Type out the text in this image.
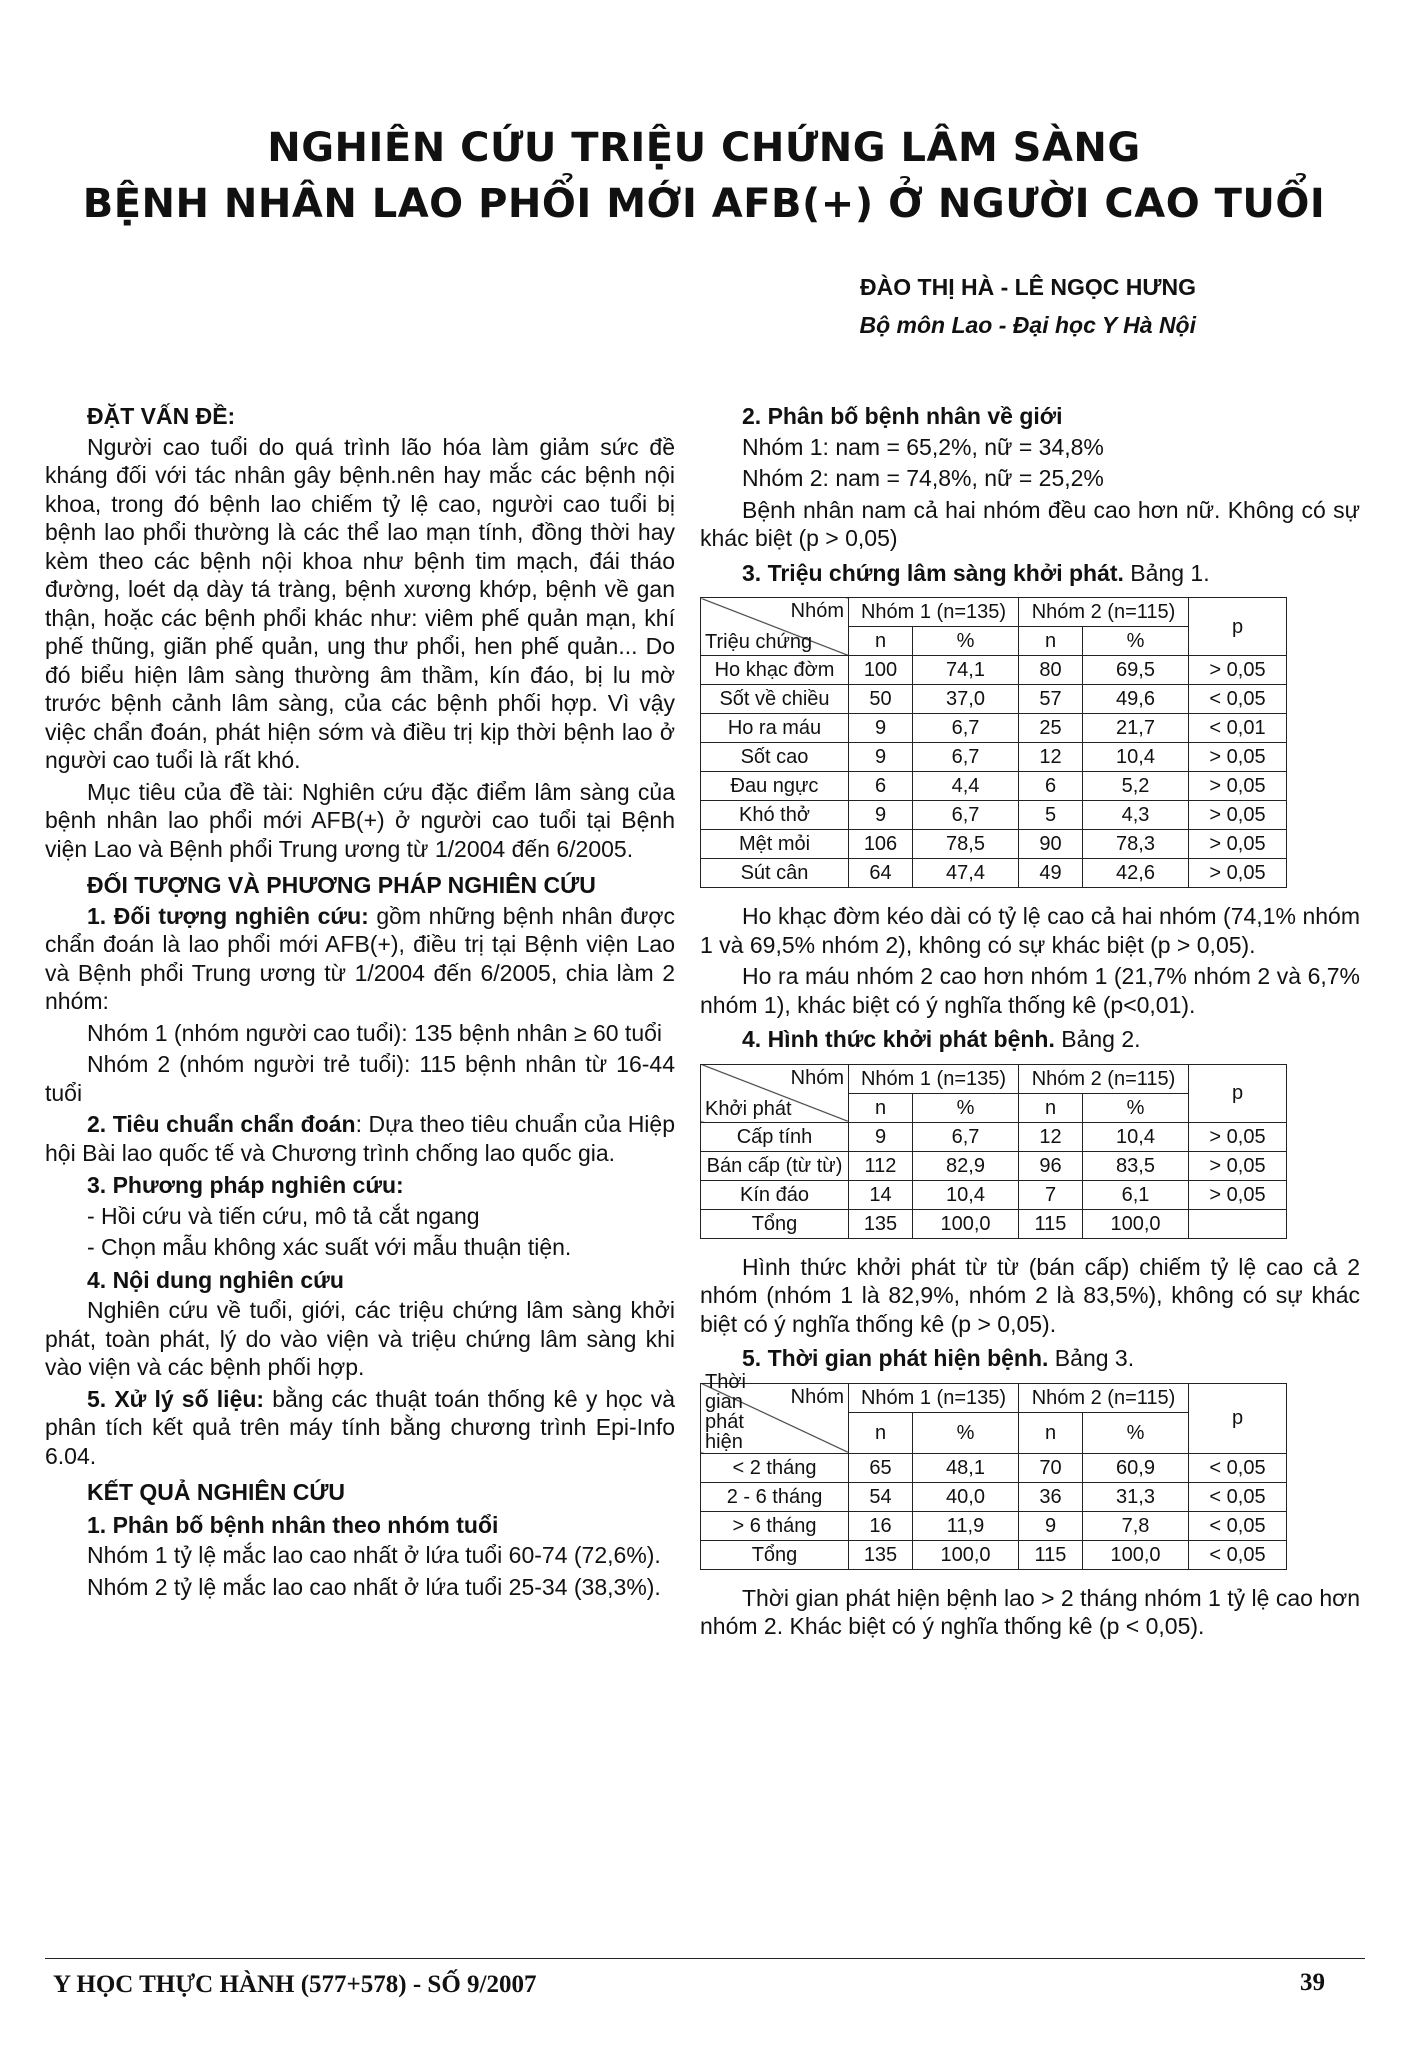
NGHIÊN CỨU TRIỆU CHỨNG LÂM SÀNG
BỆNH NHÂN LAO PHỔI MỚI AFB(+) Ở NGƯỜI CAO TUỔI
ĐÀO THỊ HÀ - LÊ NGỌC HƯNG
Bộ môn Lao - Đại học Y Hà Nội
ĐẶT VẤN ĐỀ:

Người cao tuổi do quá trình lão hóa làm giảm sức đề kháng đối với tác nhân gây bệnh.nên hay mắc các bệnh nội khoa, trong đó bệnh lao chiếm tỷ lệ cao, người cao tuổi bị bệnh lao phổi thường là các thể lao mạn tính, đồng thời hay kèm theo các bệnh nội khoa như bệnh tim mạch, đái tháo đường, loét dạ dày tá tràng, bệnh xương khớp, bệnh về gan thận, hoặc các bệnh phổi khác như: viêm phế quản mạn, khí phế thũng, giãn phế quản, ung thư phổi, hen phế quản... Do đó biểu hiện lâm sàng thường âm thầm, kín đáo, bị lu mờ trước bệnh cảnh lâm sàng, của các bệnh phối hợp. Vì vậy việc chẩn đoán, phát hiện sớm và điều trị kịp thời bệnh lao ở người cao tuổi là rất khó.

Mục tiêu của đề tài: Nghiên cứu đặc điểm lâm sàng của bệnh nhân lao phổi mới AFB(+) ở người cao tuổi tại Bệnh viện Lao và Bệnh phổi Trung ương từ 1/2004 đến 6/2005.

ĐỐI TƯỢNG VÀ PHƯƠNG PHÁP NGHIÊN CỨU

1. Đối tượng nghiên cứu: gồm những bệnh nhân được chẩn đoán là lao phổi mới AFB(+), điều trị tại Bệnh viện Lao và Bệnh phổi Trung ương từ 1/2004 đến 6/2005, chia làm 2 nhóm:

Nhóm 1 (nhóm người cao tuổi): 135 bệnh nhân ≥ 60 tuổi

Nhóm 2 (nhóm người trẻ tuổi): 115 bệnh nhân từ 16-44 tuổi

2. Tiêu chuẩn chẩn đoán: Dựa theo tiêu chuẩn của Hiệp hội Bài lao quốc tế và Chương trình chống lao quốc gia.

3. Phương pháp nghiên cứu:

- Hồi cứu và tiến cứu, mô tả cắt ngang

- Chọn mẫu không xác suất với mẫu thuận tiện.

4. Nội dung nghiên cứu

Nghiên cứu về tuổi, giới, các triệu chứng lâm sàng khởi phát, toàn phát, lý do vào viện và triệu chứng lâm sàng khi vào viện và các bệnh phối hợp.

5. Xử lý số liệu: bằng các thuật toán thống kê y học và phân tích kết quả trên máy tính bằng chương trình Epi-Info 6.04.

KẾT QUẢ NGHIÊN CỨU
1. Phân bố bệnh nhân theo nhóm tuổi

Nhóm 1 tỷ lệ mắc lao cao nhất ở lứa tuổi 60-74 (72,6%).

Nhóm 2 tỷ lệ mắc lao cao nhất ở lứa tuổi 25-34 (38,3%).

2. Phân bố bệnh nhân về giới

Nhóm 1: nam = 65,2%, nữ = 34,8%

Nhóm 2: nam = 74,8%, nữ = 25,2%

Bệnh nhân nam cả hai nhóm đều cao hơn nữ. Không có sự khác biệt (p > 0,05)

3. Triệu chứng lâm sàng khởi phát. Bảng 1.

Nhóm
Triệu chứng	Nhóm 1 (n=135)		Nhóm 2 (n=115)		p
	n	%	n	%	
Ho khạc đờm	100	74,1	80	69,5	> 0,05
Sốt về chiều	50	37,0	57	49,6	< 0,05
Ho ra máu	9	6,7	25	21,7	< 0,01
Sốt cao	9	6,7	12	10,4	> 0,05
Đau ngực	6	4,4	6	5,2	> 0,05
Khó thở	9	6,7	5	4,3	> 0,05
Mệt mỏi	106	78,5	90	78,3	> 0,05
Sút cân	64	47,4	49	42,6	> 0,05

Ho khạc đờm kéo dài có tỷ lệ cao cả hai nhóm (74,1% nhóm 1 và 69,5% nhóm 2), không có sự khác biệt (p > 0,05).

Ho ra máu nhóm 2 cao hơn nhóm 1 (21,7% nhóm 2 và 6,7% nhóm 1), khác biệt có ý nghĩa thống kê (p<0,01).

4. Hình thức khởi phát bệnh. Bảng 2.

Nhóm
Khởi phát	Nhóm 1 (n=135)		Nhóm 2 (n=115)		p
	n	%	n	%	
Cấp tính	9	6,7	12	10,4	> 0,05
Bán cấp (từ từ)	112	82,9	96	83,5	> 0,05
Kín đáo	14	10,4	7	6,1	> 0,05
Tổng	135	100,0	115	100,0	

Hình thức khởi phát từ từ (bán cấp) chiếm tỷ lệ cao cả 2 nhóm (nhóm 1 là 82,9%, nhóm 2 là 83,5%), không có sự khác biệt có ý nghĩa thống kê (p > 0,05).

5. Thời gian phát hiện bệnh. Bảng 3.

Nhóm
Thời gian phát hiện	Nhóm 1 (n=135)		Nhóm 2 (n=115)		p
	n	%	n	%	
< 2 tháng	65	48,1	70	60,9	< 0,05
2 - 6 tháng	54	40,0	36	31,3	< 0,05
> 6 tháng	16	11,9	9	7,8	< 0,05
Tổng	135	100,0	115	100,0	< 0,05

Thời gian phát hiện bệnh lao > 2 tháng nhóm 1 tỷ lệ cao hơn nhóm 2. Khác biệt có ý nghĩa thống kê (p < 0,05).

Y HỌC THỰC HÀNH (577+578) - SỐ 9/2007	39
